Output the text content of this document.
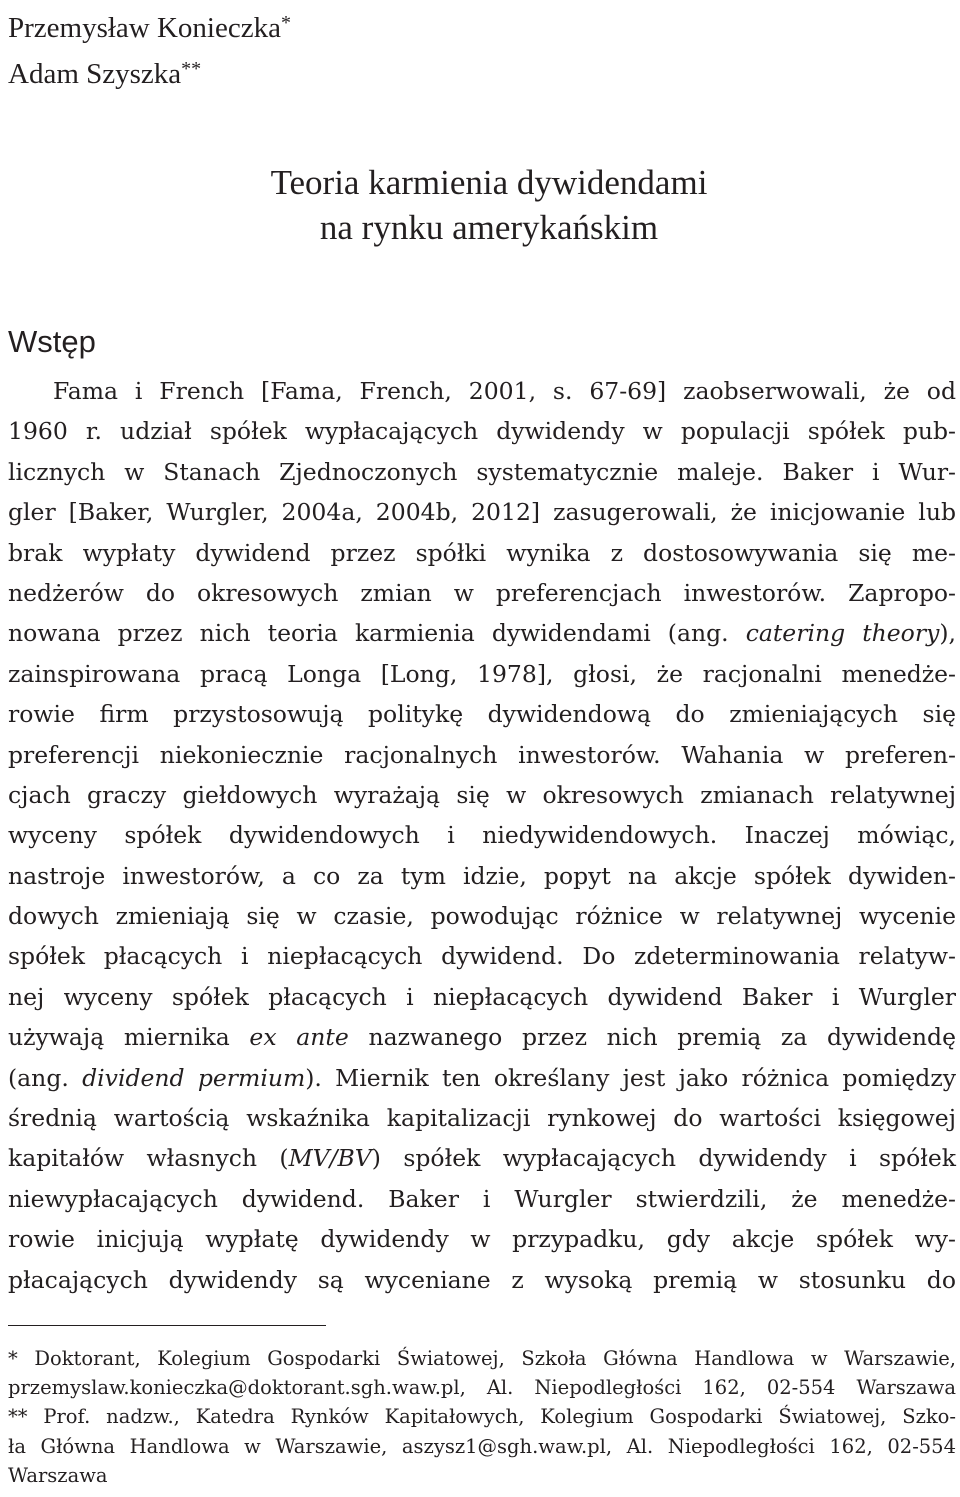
Przemysław Konieczka*
Adam Szyszka**
Teoria karmienia dywidendami
na rynku amerykańskim
Wstęp
Fama i French [Fama, French, 2001, s. 67-69] zaobserwowali, że od
1960 r. udział spółek wypłacających dywidendy w populacji spółek pub-
licznych w Stanach Zjednoczonych systematycznie maleje. Baker i Wur-
gler [Baker, Wurgler, 2004a, 2004b, 2012] zasugerowali, że inicjowanie lub
brak wypłaty dywidend przez spółki wynika z dostosowywania się me-
nedżerów do okresowych zmian w preferencjach inwestorów. Zapropo-
nowana przez nich teoria karmienia dywidendami (ang. catering theory),
zainspirowana pracą Longa [Long, 1978], głosi, że racjonalni menedże-
rowie firm przystosowują politykę dywidendową do zmieniających się
preferencji niekoniecznie racjonalnych inwestorów. Wahania w preferen-
cjach graczy giełdowych wyrażają się w okresowych zmianach relatywnej
wyceny spółek dywidendowych i niedywidendowych. Inaczej mówiąc,
nastroje inwestorów, a co za tym idzie, popyt na akcje spółek dywiden-
dowych zmieniają się w czasie, powodując różnice w relatywnej wycenie
spółek płacących i niepłacących dywidend. Do zdeterminowania relatyw-
nej wyceny spółek płacących i niepłacących dywidend Baker i Wurgler
używają miernika ex ante nazwanego przez nich premią za dywidendę
(ang. dividend permium). Miernik ten określany jest jako różnica pomiędzy
średnią wartością wskaźnika kapitalizacji rynkowej do wartości księgowej
kapitałów własnych (MV/BV) spółek wypłacających dywidendy i spółek
niewypłacających dywidend. Baker i Wurgler stwierdzili, że menedże-
rowie inicjują wypłatę dywidendy w przypadku, gdy akcje spółek wy-
płacających dywidendy są wyceniane z wysoką premią w stosunku do
* Doktorant, Kolegium Gospodarki Światowej, Szkoła Główna Handlowa w Warszawie,
przemyslaw.konieczka@doktorant.sgh.waw.pl, Al. Niepodległości 162, 02-554 Warszawa
** Prof. nadzw., Katedra Rynków Kapitałowych, Kolegium Gospodarki Światowej, Szko-
ła Główna Handlowa w Warszawie, aszysz1@sgh.waw.pl, Al. Niepodległości 162, 02-554
Warszawa
